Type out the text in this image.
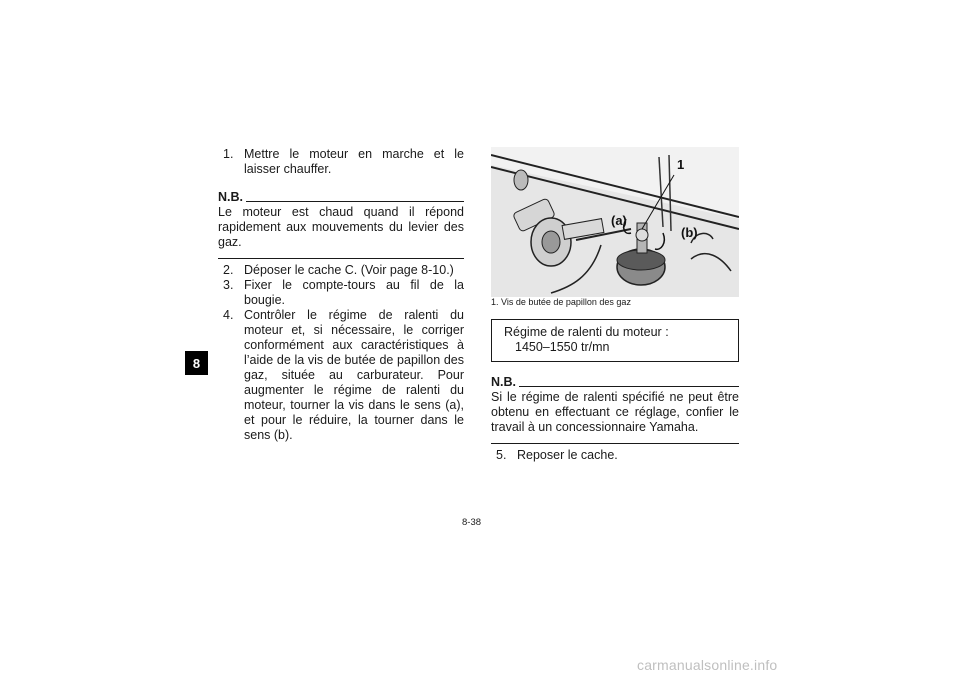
8
1. Mettre le moteur en marche et le laisser chauffer.
N.B.
Le moteur est chaud quand il répond rapidement aux mouvements du levier des gaz.
2. Déposer le cache C. (Voir page 8-10.)
3. Fixer le compte-tours au fil de la bougie.
4. Contrôler le régime de ralenti du moteur et, si nécessaire, le corriger conformément aux caractéristiques à l’aide de la vis de butée de papillon des gaz, située au carburateur. Pour augmenter le régime de ralenti du moteur, tourner la vis dans le sens (a), et pour le réduire, la tourner dans le sens (b).
1
(a)
(b)
1. Vis de butée de papillon des gaz
Régime de ralenti du moteur :
1450–1550 tr/mn
N.B.
Si le régime de ralenti spécifié ne peut être obtenu en effectuant ce réglage, confier le travail à un concessionnaire Yamaha.
5. Reposer le cache.
8-38
carmanualsonline.info
